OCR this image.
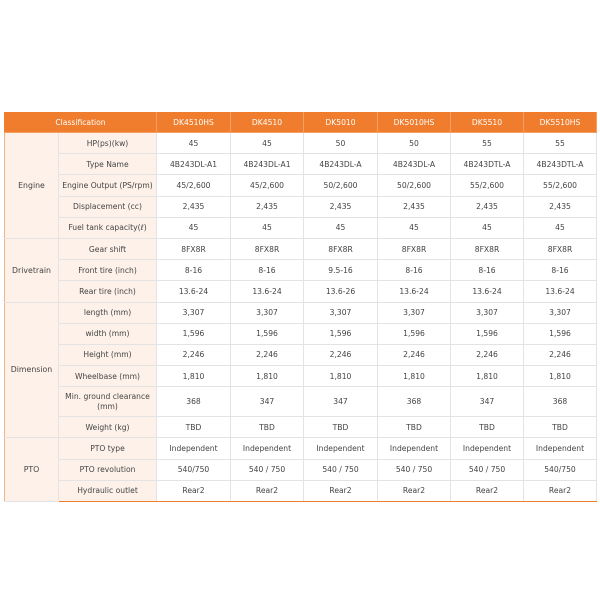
Classification		DK4510HS	DK4510	DK5010	DK5010HS	DK5510	DK5510HS
Engine	HP(ps)(kw)	45	45	50	50	55	55
	Type Name	4B243DL-A1	4B243DL-A1	4B243DL-A	4B243DL-A	4B243DTL-A	4B243DTL-A
	Engine Output (PS/rpm)	45/2,600	45/2,600	50/2,600	50/2,600	55/2,600	55/2,600
	Displacement (cc)	2,435	2,435	2,435	2,435	2,435	2,435
	Fuel tank capacity(ℓ)	45	45	45	45	45	45
Drivetrain	Gear shift	8FX8R	8FX8R	8FX8R	8FX8R	8FX8R	8FX8R
	Front tire (inch)	8-16	8-16	9.5-16	8-16	8-16	8-16
	Rear tire (inch)	13.6-24	13.6-24	13.6-26	13.6-24	13.6-24	13.6-24
Dimension	length (mm)	3,307	3,307	3,307	3,307	3,307	3,307
	width (mm)	1,596	1,596	1,596	1,596	1,596	1,596
	Height (mm)	2,246	2,246	2,246	2,246	2,246	2,246
	Wheelbase (mm)	1,810	1,810	1,810	1,810	1,810	1,810
	Min. ground clearance (mm)	368	347	347	368	347	368
	Weight (kg)	TBD	TBD	TBD	TBD	TBD	TBD
PTO	PTO type	Independent	Independent	Independent	Independent	Independent	Independent
	PTO revolution	540/750	540 / 750	540 / 750	540 / 750	540 / 750	540/750
	Hydraulic outlet	Rear2	Rear2	Rear2	Rear2	Rear2	Rear2
